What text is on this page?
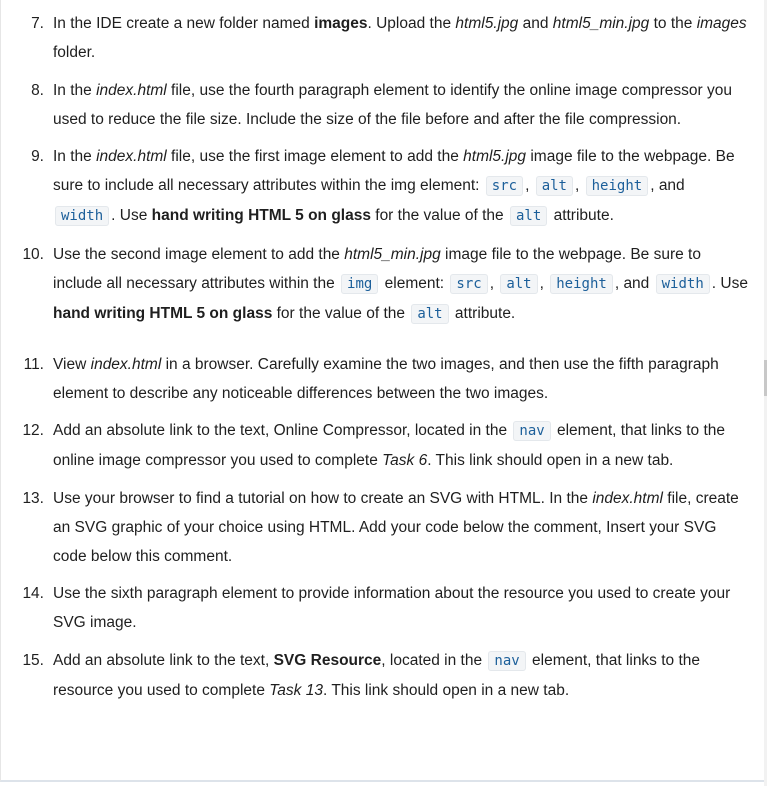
7. In the IDE create a new folder named images. Upload the html5.jpg and html5_min.jpg to the images folder.
8. In the index.html file, use the fourth paragraph element to identify the online image compressor you used to reduce the file size. Include the size of the file before and after the file compression.
9. In the index.html file, use the first image element to add the html5.jpg image file to the webpage. Be sure to include all necessary attributes within the img element: src , alt , height , and width . Use hand writing HTML 5 on glass for the value of the alt attribute.
10. Use the second image element to add the html5_min.jpg image file to the webpage. Be sure to include all necessary attributes within the img element: src , alt , height , and width . Use hand writing HTML 5 on glass for the value of the alt attribute.
11. View index.html in a browser. Carefully examine the two images, and then use the fifth paragraph element to describe any noticeable differences between the two images.
12. Add an absolute link to the text, Online Compressor, located in the nav element, that links to the online image compressor you used to complete Task 6. This link should open in a new tab.
13. Use your browser to find a tutorial on how to create an SVG with HTML. In the index.html file, create an SVG graphic of your choice using HTML. Add your code below the comment, Insert your SVG code below this comment.
14. Use the sixth paragraph element to provide information about the resource you used to create your SVG image.
15. Add an absolute link to the text, SVG Resource, located in the nav element, that links to the resource you used to complete Task 13. This link should open in a new tab.
